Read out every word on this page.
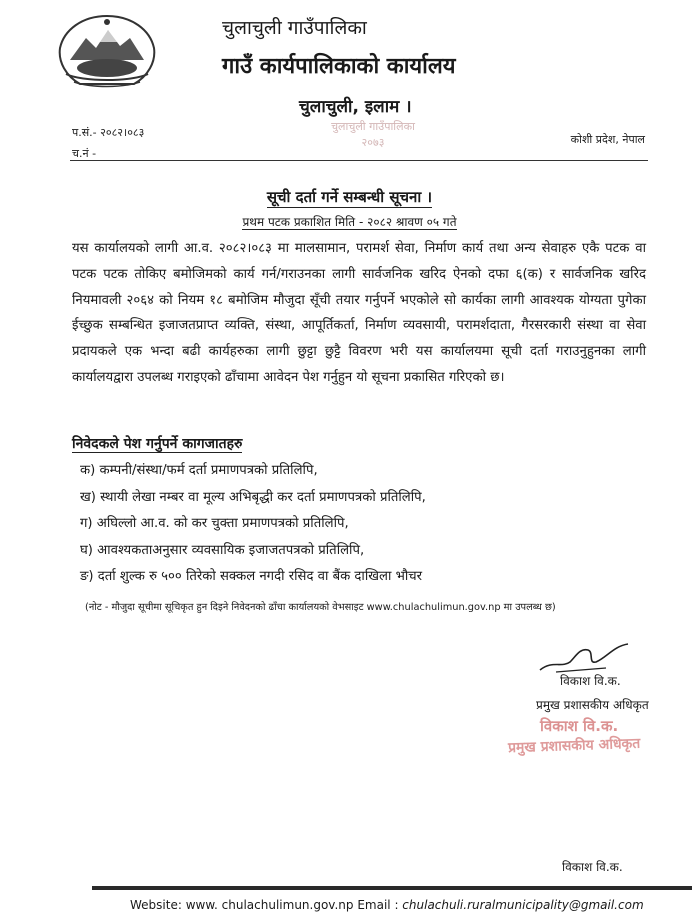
चुलाचुली गाउँपालिका
गाउँ कार्यपालिकाको कार्यालय
चुलाचुली, इलाम ।
चुलाचुली गाउँपालिका
२०७३
प.सं.- २०८२।०८३
च.नं -
कोशी प्रदेश, नेपाल
सूची दर्ता गर्ने सम्बन्धी सूचना ।
प्रथम पटक प्रकाशित मिति - २०८२ श्रावण ०५ गते
यस कार्यालयको लागी आ.व. २०८२।०८३ मा मालसामान, परामर्श सेवा, निर्माण कार्य तथा अन्य सेवाहरु एकै पटक वा पटक पटक तोकिए बमोजिमको कार्य गर्न/गराउनका लागी सार्वजनिक खरिद ऐनको दफा ६(क) र सार्वजनिक खरिद नियमावली २०६४ को नियम १८ बमोजिम मौजुदा सूँची तयार गर्नुपर्ने भएकोले सो कार्यका लागी आवश्यक योग्यता पुगेका ईच्छुक सम्बन्धित इजाजतप्राप्त व्यक्ति, संस्था, आपूर्तिकर्ता, निर्माण व्यवसायी, परामर्शदाता, गैरसरकारी संस्था वा सेवा प्रदायकले एक भन्दा बढी कार्यहरुका लागी छुट्टा छुट्टै विवरण भरी यस कार्यालयमा सूची दर्ता गराउनुहुनका लागी कार्यालयद्वारा उपलब्ध गराइएको ढाँचामा आवेदन पेश गर्नुहुन यो सूचना प्रकासित गरिएको छ।
निवेदकले पेश गर्नुपर्ने कागजातहरु
क) कम्पनी/संस्था/फर्म दर्ता प्रमाणपत्रको प्रतिलिपि,
ख) स्थायी लेखा नम्बर वा मूल्य अभिबृद्धी कर दर्ता प्रमाणपत्रको प्रतिलिपि,
ग) अघिल्लो आ.व. को कर चुक्ता प्रमाणपत्रको प्रतिलिपि,
घ) आवश्यकताअनुसार व्यवसायिक इजाजतपत्रको प्रतिलिपि,
ङ) दर्ता शुल्क रु ५०० तिरेको सक्कल नगदी रसिद वा बैंक दाखिला भौचर
(नोट - मौजुदा सूचीमा सूचिकृत हुन दिइने निवेदनको ढाँचा कार्यालयको वेभसाइट www.chulachulimun.gov.np मा उपलब्ध छ)
विकाश वि.क.
प्रमुख प्रशासकीय अधिकृत
विकाश वि.क.
प्रमुख प्रशासकीय अधिकृत
विकाश वि.क.
Website: www. chulachulimun.gov.np Email : chulachuli.ruralmunicipality@gmail.com
